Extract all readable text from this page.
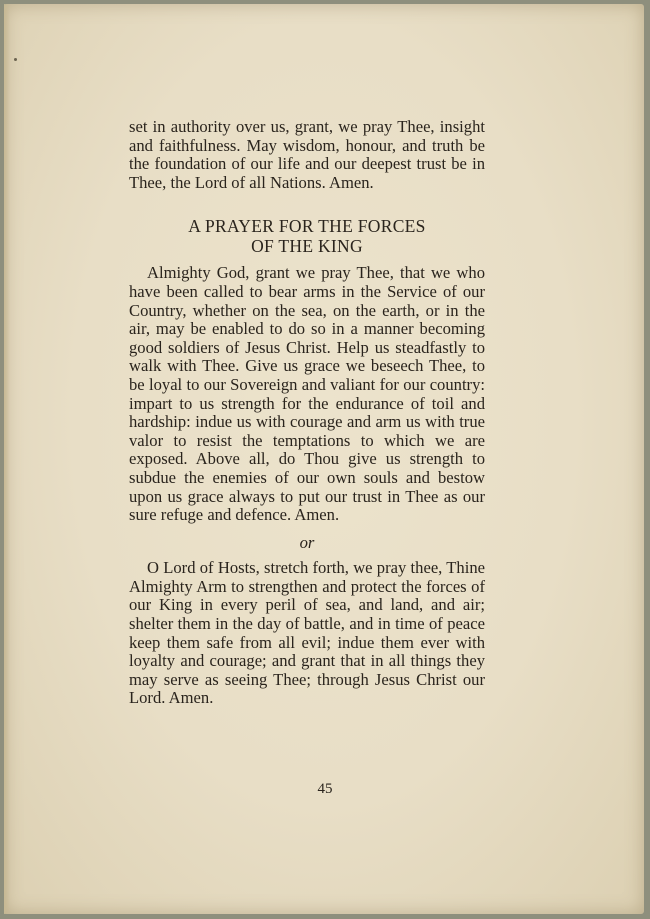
set in authority over us, grant, we pray Thee, insight and faithfulness. May wisdom, honour, and truth be the foundation of our life and our deepest trust be in Thee, the Lord of all Nations. Amen.

A PRAYER FOR THE FORCES
OF THE KING

Almighty God, grant we pray Thee, that we who have been called to bear arms in the Service of our Country, whether on the sea, on the earth, or in the air, may be enabled to do so in a manner becoming good soldiers of Jesus Christ. Help us steadfastly to walk with Thee. Give us grace we beseech Thee, to be loyal to our Sovereign and valiant for our country: impart to us strength for the endurance of toil and hardship: indue us with courage and arm us with true valor to resist the temptations to which we are exposed. Above all, do Thou give us strength to subdue the enemies of our own souls and bestow upon us grace always to put our trust in Thee as our sure refuge and defence. Amen.

or

O Lord of Hosts, stretch forth, we pray thee, Thine Almighty Arm to strengthen and protect the forces of our King in every peril of sea, and land, and air; shelter them in the day of battle, and in time of peace keep them safe from all evil; indue them ever with loyalty and courage; and grant that in all things they may serve as seeing Thee; through Jesus Christ our Lord. Amen.

45
